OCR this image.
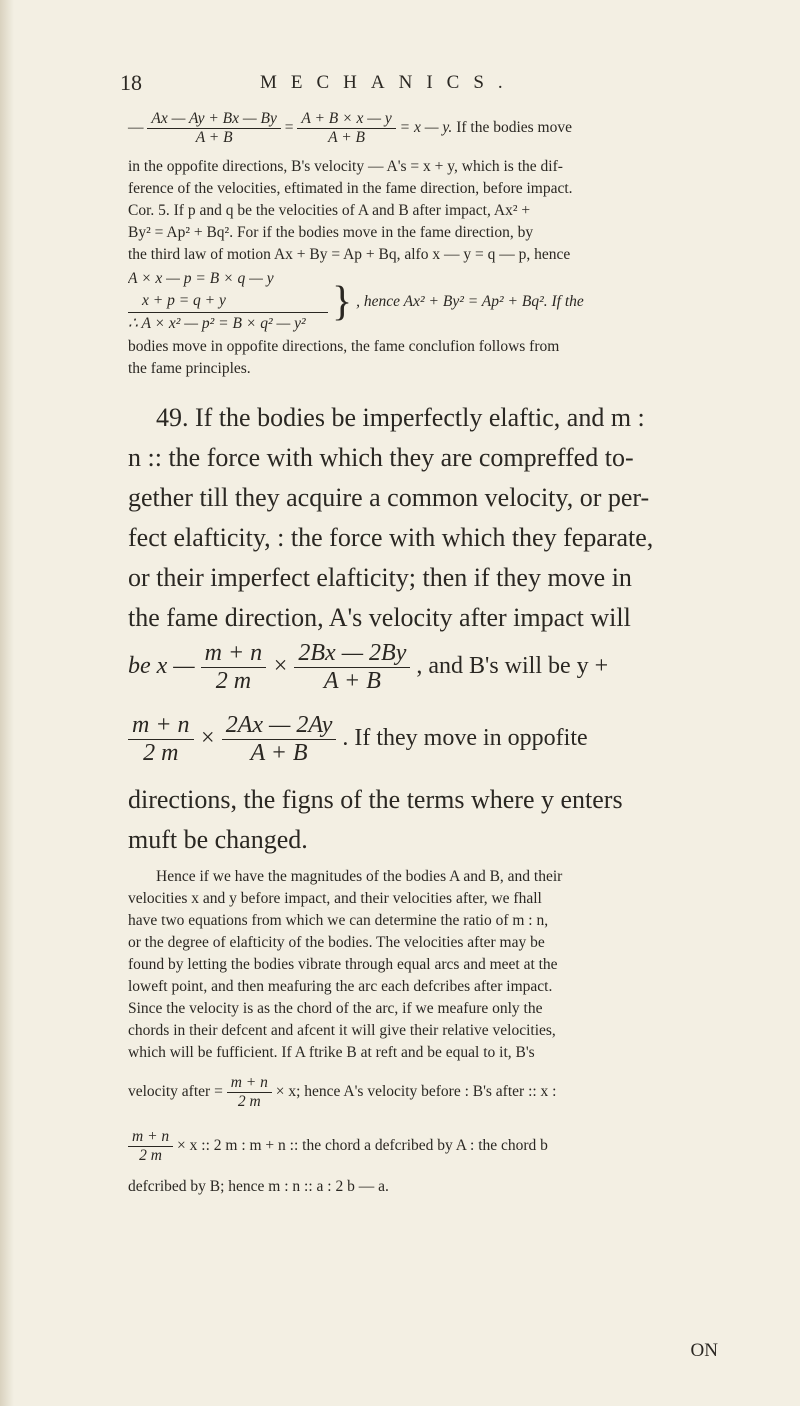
18	MECHANICS.
— $\frac{Ax — Ay + Bx — By}{A + B} = \frac{A + B \times x — y}{A + B} = x$ — y. If the bodies move
in the oppofite directions, B's velocity — A's = x + y, which is the dif-
ference of the velocities, eftimated in the fame direction, before impact.
Cor. 5. If p and q be the velocities of A and B after impact, Ax² +
By² = Ap² + Bq². For if the bodies move in the fame direction, by
the third law of motion Ax + By = Ap + Bq, alfo x — y = q — p, hence
A × x — p = B × q — y
x + p = q + y
∴ A × x² — p² = B × q² — y² } , hence Ax² + By² = Ap² + Bq². If the
bodies move in oppofite directions, the fame conclufion follows from
the fame principles.
49. If the bodies be imperfectly elaftic, and m :
n :: the force with which they are compreffed to-
gether till they acquire a common velocity, or per-
fect elafticity, : the force with which they feparate,
or their imperfect elafticity; then if they move in
the fame direction, A's velocity after impact will
be x — $\frac{m + n}{2 m} \times \frac{2Bx — 2By}{A + B}$ , and B's will be y +
$\frac{m + n}{2 m} \times \frac{2Ax — 2Ay}{A + B}$ . If they move in oppofite
directions, the figns of the terms where y enters
muft be changed.
Hence if we have the magnitudes of the bodies A and B, and their
velocities x and y before impact, and their velocities after, we fhall
have two equations from which we can determine the ratio of m : n,
or the degree of elafticity of the bodies. The velocities after may be
found by letting the bodies vibrate through equal arcs and meet at the
loweft point, and then meafuring the arc each defcribes after impact.
Since the velocity is as the chord of the arc, if we meafure only the
chords in their defcent and afcent it will give their relative velocities,
which will be fufficient. If A ftrike B at reft and be equal to it, B's
velocity after = $\frac{m + n}{2 m} \times x$; hence A's velocity before : B's after :: x :
$\frac{m + n}{2 m} \times x$ :: 2 m : m + n :: the chord a defcribed by A : the chord b
defcribed by B; hence m : n :: a : 2 b — a.
ON
